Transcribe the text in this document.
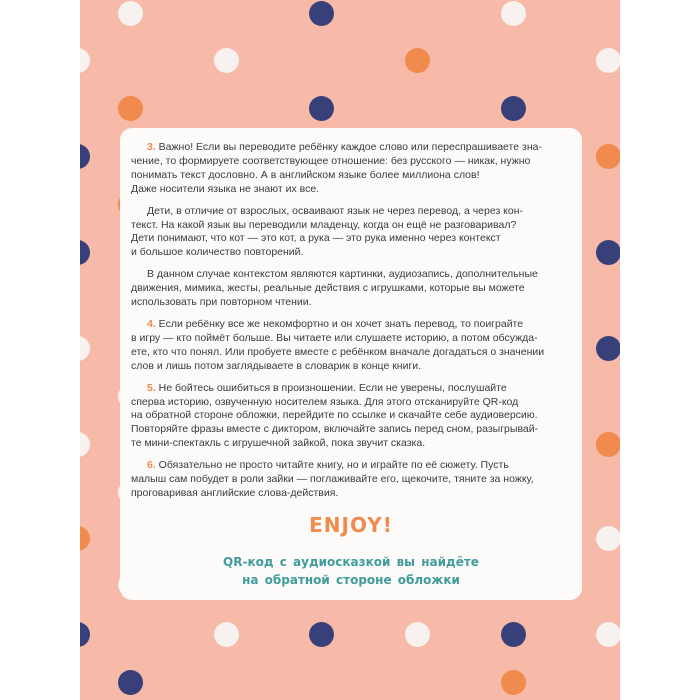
3. Важно! Если вы переводите ребёнку каждое слово или переспрашиваете зна-
чение, то формируете соответствующее отношение: без русского — никак, нужно
понимать текст дословно. А в английском языке более миллиона слов!
Даже носители языка не знают их все.

Дети, в отличие от взрослых, осваивают язык не через перевод, а через кон-
текст. На какой язык вы переводили младенцу, когда он ещё не разговаривал?
Дети понимают, что кот — это кот, а рука — это рука именно через контекст
и большое количество повторений.

В данном случае контекстом являются картинки, аудиозапись, дополнительные
движения, мимика, жесты, реальные действия с игрушками, которые вы можете
использовать при повторном чтении.

4. Если ребёнку все же некомфортно и он хочет знать перевод, то поиграйте
в игру — кто поймёт больше. Вы читаете или слушаете историю, а потом обсужда-
ете, кто что понял. Или пробуете вместе с ребёнком вначале догадаться о значении
слов и лишь потом заглядываете в словарик в конце книги.

5. Не бойтесь ошибиться в произношении. Если не уверены, послушайте
сперва историю, озвученную носителем языка. Для этого отсканируйте QR-код
на обратной стороне обложки, перейдите по ссылке и скачайте себе аудиоверсию.
Повторяйте фразы вместе с диктором, включайте запись перед сном, разыгрывай-
те мини-спектакль с игрушечной зайкой, пока звучит сказка.

6. Обязательно не просто читайте книгу, но и играйте по её сюжету. Пусть
малыш сам побудет в роли зайки — поглаживайте его, щекочите, тяните за ножку,
проговаривая английские слова-действия.

ENJOY!
QR-код с аудиосказкой вы найдёте
на обратной стороне обложки
